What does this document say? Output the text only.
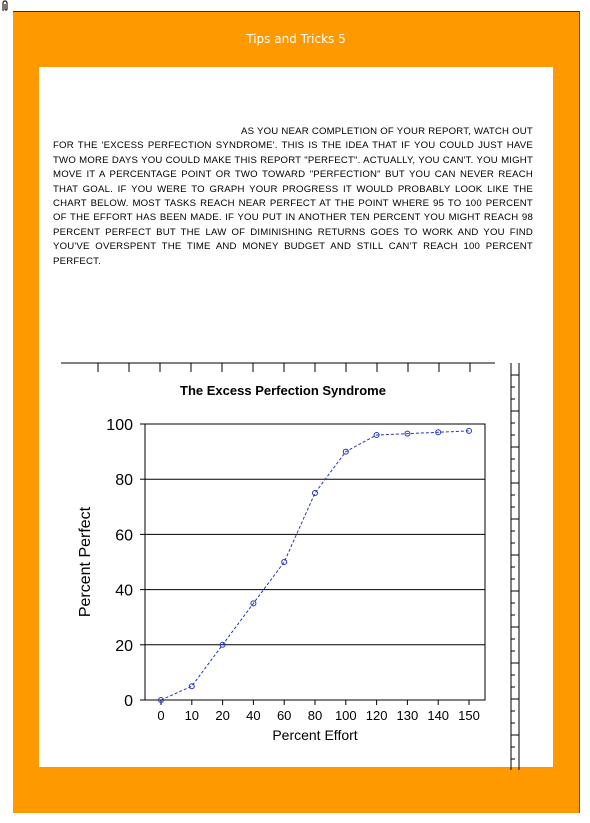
Tips and Tricks 5

AS YOU NEAR COMPLETION OF YOUR REPORT, WATCH OUT FOR THE 'EXCESS PERFECTION SYNDROME'. THIS IS THE IDEA THAT IF YOU COULD JUST HAVE TWO MORE DAYS YOU COULD MAKE THIS REPORT "PERFECT". ACTUALLY, YOU CAN'T. YOU MIGHT MOVE IT A PERCENTAGE POINT OR TWO TOWARD "PERFECTION" BUT YOU CAN NEVER REACH THAT GOAL. IF YOU WERE TO GRAPH YOUR PROGRESS IT WOULD PROBABLY LOOK LIKE THE CHART BELOW. MOST TASKS REACH NEAR PERFECT AT THE POINT WHERE 95 TO 100 PERCENT OF THE EFFORT HAS BEEN MADE. IF YOU PUT IN ANOTHER TEN PERCENT YOU MIGHT REACH 98 PERCENT PERFECT BUT THE LAW OF DIMINISHING RETURNS GOES TO WORK AND YOU FIND YOU'VE OVERSPENT THE TIME AND MONEY BUDGET AND STILL CAN'T REACH 100 PERCENT PERFECT.

The Excess Perfection Syndrome
0
20
40
60
80
100
0 10 20 40 60 80 100 120 130 140 150
Percent Perfect
Percent Effort
